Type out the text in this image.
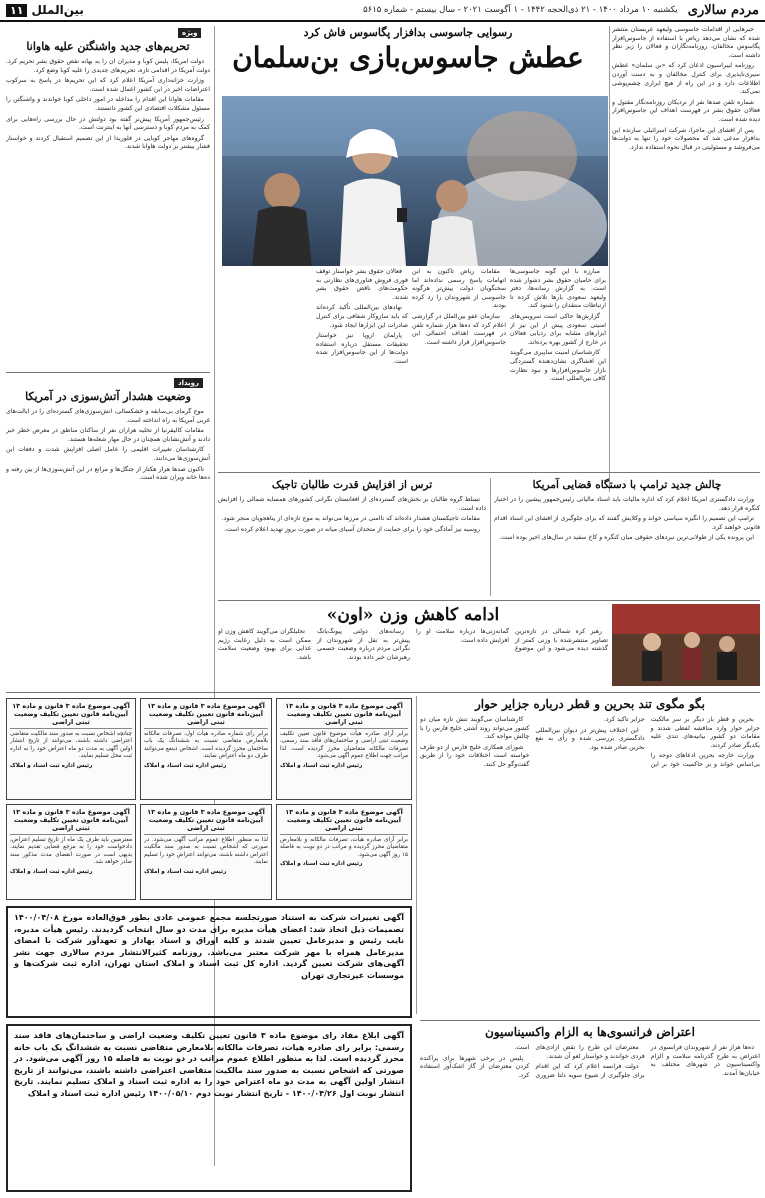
مردم سالاری
یکشنبه ۱۰ مرداد ۱۴۰۰ - ۲۱ ذی‌الحجه ۱۴۴۲ - ۱ آگوست ۲۰۲۱ - سال بیستم - شماره ۵۶۱۵
بین‌الملل
۱۱
رسوایی جاسوسی بدافزار پگاسوس فاش کرد
عطش جاسوس‌بازی بن‌سلمان

خبرهایی از اقدامات جاسوسی ولیعهد عربستان منتشر شده که نشان می‌دهد ریاض با استفاده از جاسوس‌افزار پگاسوس مخالفان، روزنامه‌نگاران و فعالان را زیر نظر داشته است.

روزنامه لیبراسیون اذعان کرد که «بن سلمان» عطش سیری‌ناپذیری برای کنترل مخالفان و به دست آوردن اطلاعات دارد و در این راه از هیچ ابزاری چشم‌پوشی نمی‌کند.

شماره تلفن صدها نفر از نزدیکان روزنامه‌نگار مقتول و فعالان حقوق بشر در فهرست اهداف این جاسوس‌افزار دیده شده است.

پس از افشای این ماجرا، شرکت اسرائیلی سازنده این بدافزار مدعی شد که محصولات خود را تنها به دولت‌ها می‌فروشد و مسئولیتی در قبال نحوه استفاده ندارد.

مبارزه با این گونه جاسوسی‌ها برای حامیان حقوق بشر دشوار شده است. به گزارش رسانه‌ها، دفتر ولیعهد سعودی بارها تلاش کرده تا ارتباطات منتقدان را شنود کند.

گزارش‌ها حاکی است سرویس‌های امنیتی سعودی پیش از این نیز از ابزارهای مشابه برای ردیابی فعالان در خارج از کشور بهره برده‌اند.

کارشناسان امنیت سایبری می‌گویند این افشاگری نشان‌دهنده گستردگی بازار جاسوس‌افزارها و نبود نظارت کافی بین‌المللی است.

مقامات ریاض تاکنون به این اتهامات پاسخ رسمی نداده‌اند اما سخنگویان دولت پیش‌تر هرگونه جاسوسی از شهروندان را رد کرده بودند.

سازمان عفو بین‌الملل در گزارشی اعلام کرد که ده‌ها هزار شماره تلفن در فهرست اهداف احتمالی این جاسوس‌افزار قرار داشته است.

فعالان حقوق بشر خواستار توقف فوری فروش فناوری‌های نظارتی به حکومت‌های ناقض حقوق بشر شدند.

نهادهای بین‌المللی تأکید کرده‌اند که باید سازوکار شفافی برای کنترل صادرات این ابزارها ایجاد شود.

پارلمان اروپا نیز خواستار تحقیقات مستقل درباره استفاده دولت‌ها از این جاسوس‌افزار شده است.

ویژه
تحریم‌های جدید واشنگتن علیه هاوانا

دولت آمریکا، پلیس کوبا و مدیران آن را به بهانه نقض حقوق بشر تحریم کرد. دولت آمریکا در اقدامی تازه، تحریم‌های جدیدی را علیه کوبا وضع کرد.

وزارت خزانه‌داری آمریکا اعلام کرد که این تحریم‌ها در پاسخ به سرکوب اعتراضات اخیر در این کشور اعمال شده است.

مقامات هاوانا این اقدام را مداخله در امور داخلی کوبا خواندند و واشنگتن را مسئول مشکلات اقتصادی این کشور دانستند.

رئیس‌جمهور آمریکا پیش‌تر گفته بود دولتش در حال بررسی راه‌هایی برای کمک به مردم کوبا و دسترسی آنها به اینترنت است.

گروه‌های مهاجر کوبایی در فلوریدا از این تصمیم استقبال کردند و خواستار فشار بیشتر بر دولت هاوانا شدند.

رویداد
وضعیت هشدار آتش‌سوزی در آمریکا

موج گرمای بی‌سابقه و خشکسالی، آتش‌سوزی‌های گسترده‌ای را در ایالت‌های غربی آمریکا به راه انداخته است.

مقامات کالیفرنیا از تخلیه هزاران نفر از ساکنان مناطق در معرض خطر خبر دادند و آتش‌نشانان همچنان در حال مهار شعله‌ها هستند.

کارشناسان تغییرات اقلیمی را عامل اصلی افزایش شدت و دفعات این آتش‌سوزی‌ها می‌دانند.

تاکنون صدها هزار هکتار از جنگل‌ها و مراتع در این آتش‌سوزی‌ها از بین رفته و ده‌ها خانه ویران شده است.

چالش جدید ترامپ با دستگاه قضایی آمریکا

وزارت دادگستری آمریکا اعلام کرد که اداره مالیات باید اسناد مالیاتی رئیس‌جمهور پیشین را در اختیار کنگره قرار دهد.

ترامپ این تصمیم را انگیزه سیاسی خواند و وکلایش گفتند که برای جلوگیری از افشای این اسناد اقدام قانونی خواهند کرد.

این پرونده یکی از طولانی‌ترین نبردهای حقوقی میان کنگره و کاخ سفید در سال‌های اخیر بوده است.

ترس از افزایش قدرت طالبان تاجیک

تسلط گروه طالبان بر بخش‌های گسترده‌ای از افغانستان نگرانی کشورهای همسایه شمالی را افزایش داده است.

مقامات تاجیکستان هشدار داده‌اند که ناامنی در مرزها می‌تواند به موج تازه‌ای از پناهجویان منجر شود.

روسیه نیز آمادگی خود را برای حمایت از متحدان آسیای میانه در صورت بروز تهدید اعلام کرده است.

ادامه کاهش وزن «اون»

رهبر کره شمالی در تازه‌ترین تصاویر منتشرشده با وزنی کمتر از گذشته دیده می‌شود و این موضوع گمانه‌زنی‌ها درباره سلامت او را افزایش داده است.

رسانه‌های دولتی پیونگ‌یانگ پیش‌تر به نقل از شهروندان از نگرانی مردم درباره وضعیت جسمی رهبرشان خبر داده بودند.

تحلیلگران می‌گویند کاهش وزن او ممکن است به دلیل رعایت رژیم غذایی برای بهبود وضعیت سلامت باشد.

بگو مگوی تند بحرین و قطر درباره جزایر حوار

بحرین و قطر بار دیگر بر سر مالکیت جزایر حوار وارد مناقشه لفظی شدند و مقامات دو کشور بیانیه‌های تندی علیه یکدیگر صادر کردند.

وزارت خارجه بحرین ادعاهای دوحه را بی‌اساس خواند و بر حاکمیت خود بر این جزایر تأکید کرد.

این اختلاف پیش‌تر در دیوان بین‌المللی دادگستری بررسی شده و رأی به نفع بحرین صادر شده بود.

کارشناسان می‌گویند تنش تازه میان دو کشور می‌تواند روند آشتی خلیج فارس را با چالش مواجه کند.

شورای همکاری خلیج فارس از دو طرف خواسته است اختلافات خود را از طریق گفت‌وگو حل کنند.

آگهی موضوع ماده ۳ قانون و ماده ۱۳ آیین‌نامه قانون تعیین تکلیف وضعیت ثبتی اراضی
برابر آرای صادره هیأت موضوع قانون تعیین تکلیف وضعیت ثبتی اراضی و ساختمان‌های فاقد سند رسمی، تصرفات مالکانه متقاضیان محرز گردیده است. لذا مراتب جهت اطلاع عموم آگهی می‌شود.
رئیس اداره ثبت اسناد و املاک
آگهی موضوع ماده ۳ قانون و ماده ۱۳ آیین‌نامه قانون تعیین تکلیف وضعیت ثبتی اراضی
برابر رأی شماره صادره هیأت اول، تصرفات مالکانه بلامعارض متقاضی نسبت به ششدانگ یک باب ساختمان محرز گردیده است. اشخاص ذینفع می‌توانند ظرف دو ماه اعتراض نمایند.
رئیس اداره ثبت اسناد و املاک
آگهی موضوع ماده ۳ قانون و ماده ۱۳ آیین‌نامه قانون تعیین تکلیف وضعیت ثبتی اراضی
چنانچه اشخاص نسبت به صدور سند مالکیت متقاضی اعتراضی داشته باشند، می‌توانند از تاریخ انتشار اولین آگهی به مدت دو ماه اعتراض خود را به اداره ثبت محل تسلیم نمایند.
رئیس اداره ثبت اسناد و املاک
آگهی موضوع ماده ۳ قانون و ماده ۱۳ آیین‌نامه قانون تعیین تکلیف وضعیت ثبتی اراضی
برابر آرای صادره هیأت، تصرفات مالکانه و بلامعارض متقاضیان محرز گردیده و مراتب در دو نوبت به فاصله ۱۵ روز آگهی می‌شود.
رئیس اداره ثبت اسناد و املاک
آگهی موضوع ماده ۳ قانون و ماده ۱۳ آیین‌نامه قانون تعیین تکلیف وضعیت ثبتی اراضی
لذا به منظور اطلاع عموم مراتب آگهی می‌شود. در صورتی که اشخاص نسبت به صدور سند مالکیت اعتراض داشته باشند، می‌توانند اعتراض خود را تسلیم نمایند.
رئیس اداره ثبت اسناد و املاک
آگهی موضوع ماده ۳ قانون و ماده ۱۳ آیین‌نامه قانون تعیین تکلیف وضعیت ثبتی اراضی
معترضین باید ظرف یک ماه از تاریخ تسلیم اعتراض، دادخواست خود را به مرجع قضایی تقدیم نمایند. بدیهی است در صورت انقضای مدت مذکور سند صادر خواهد شد.
رئیس اداره ثبت اسناد و املاک
آگهی تغییرات شرکت به استناد صورتجلسه مجمع عمومی عادی بطور فوق‌العاده مورخ ۱۴۰۰/۰۴/۰۸ تصمیمات ذیل اتخاذ شد: اعضای هیأت مدیره برای مدت دو سال انتخاب گردیدند. رئیس هیأت مدیره، نایب رئیس و مدیرعامل تعیین شدند و کلیه اوراق و اسناد بهادار و تعهدآور شرکت با امضای مدیرعامل همراه با مهر شرکت معتبر می‌باشد. روزنامه کثیرالانتشار مردم سالاری جهت نشر آگهی‌های شرکت تعیین گردید. اداره کل ثبت اسناد و املاک استان تهران، اداره ثبت شرکت‌ها و موسسات غیرتجاری تهران
آگهی ابلاغ مفاد رای موضوع ماده ۳ قانون تعیین تکلیف وضعیت اراضی و ساختمان‌های فاقد سند رسمی: برابر رای صادره هیات، تصرفات مالکانه بلامعارض متقاضی نسبت به ششدانگ یک باب خانه محرز گردیده است. لذا به منظور اطلاع عموم مراتب در دو نوبت به فاصله ۱۵ روز آگهی می‌شود. در صورتی که اشخاص نسبت به صدور سند مالکیت متقاضی اعتراضی داشته باشند، می‌توانند از تاریخ انتشار اولین آگهی به مدت دو ماه اعتراض خود را به اداره ثبت اسناد و املاک تسلیم نمایند. تاریخ انتشار نوبت اول ۱۴۰۰/۰۴/۲۶ - تاریخ انتشار نوبت دوم ۱۴۰۰/۰۵/۱۰ رئیس اداره ثبت اسناد و املاک
اعتراض فرانسوی‌ها به الزام واکسیناسیون

ده‌ها هزار نفر از شهروندان فرانسوی در اعتراض به طرح گذرنامه سلامت و الزام واکسیناسیون در شهرهای مختلف به خیابان‌ها آمدند.

معترضان این طرح را نقض آزادی‌های فردی خواندند و خواستار لغو آن شدند.

دولت فرانسه اعلام کرد که این اقدام برای جلوگیری از شیوع سویه دلتا ضروری است.

پلیس در برخی شهرها برای پراکنده کردن معترضان از گاز اشک‌آور استفاده کرد.
